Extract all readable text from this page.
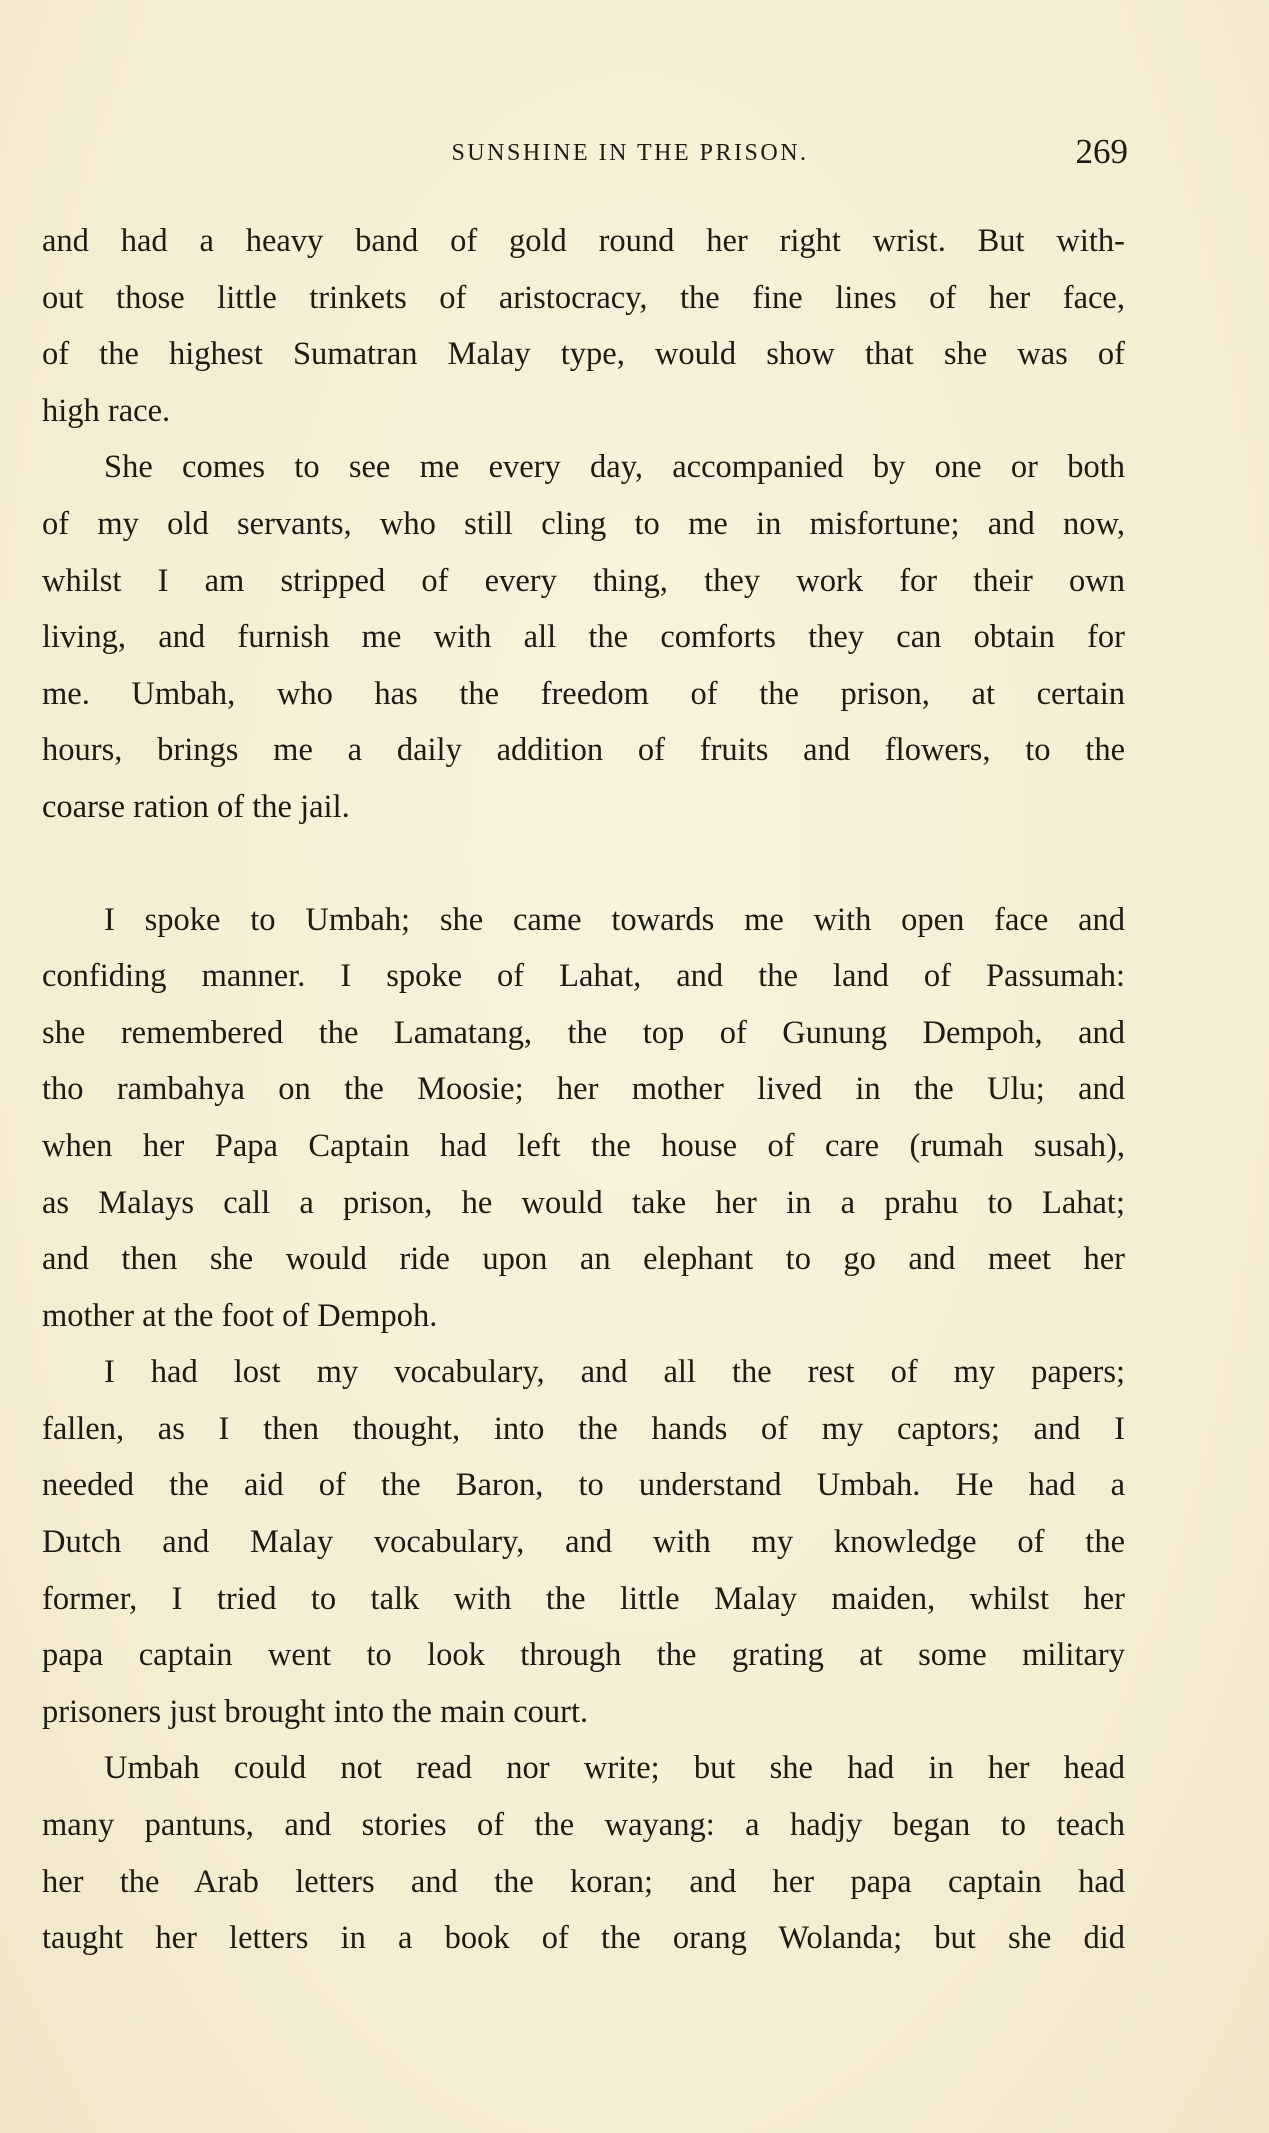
SUNSHINE IN THE PRISON.	269
and had a heavy band of gold round her right wrist. But with-
out those little trinkets of aristocracy, the fine lines of her face,
of the highest Sumatran Malay type, would show that she was of
high race.
She comes to see me every day, accompanied by one or both
of my old servants, who still cling to me in misfortune; and now,
whilst I am stripped of every thing, they work for their own
living, and furnish me with all the comforts they can obtain for
me. Umbah, who has the freedom of the prison, at certain
hours, brings me a daily addition of fruits and flowers, to the
coarse ration of the jail.
I spoke to Umbah; she came towards me with open face and
confiding manner. I spoke of Lahat, and the land of Passumah:
she remembered the Lamatang, the top of Gunung Dempoh, and
tho rambahya on the Moosie; her mother lived in the Ulu; and
when her Papa Captain had left the house of care (rumah susah),
as Malays call a prison, he would take her in a prahu to Lahat;
and then she would ride upon an elephant to go and meet her
mother at the foot of Dempoh.
I had lost my vocabulary, and all the rest of my papers;
fallen, as I then thought, into the hands of my captors; and I
needed the aid of the Baron, to understand Umbah. He had a
Dutch and Malay vocabulary, and with my knowledge of the
former, I tried to talk with the little Malay maiden, whilst her
papa captain went to look through the grating at some military
prisoners just brought into the main court.
Umbah could not read nor write; but she had in her head
many pantuns, and stories of the wayang: a hadjy began to teach
her the Arab letters and the koran; and her papa captain had
taught her letters in a book of the orang Wolanda; but she did
